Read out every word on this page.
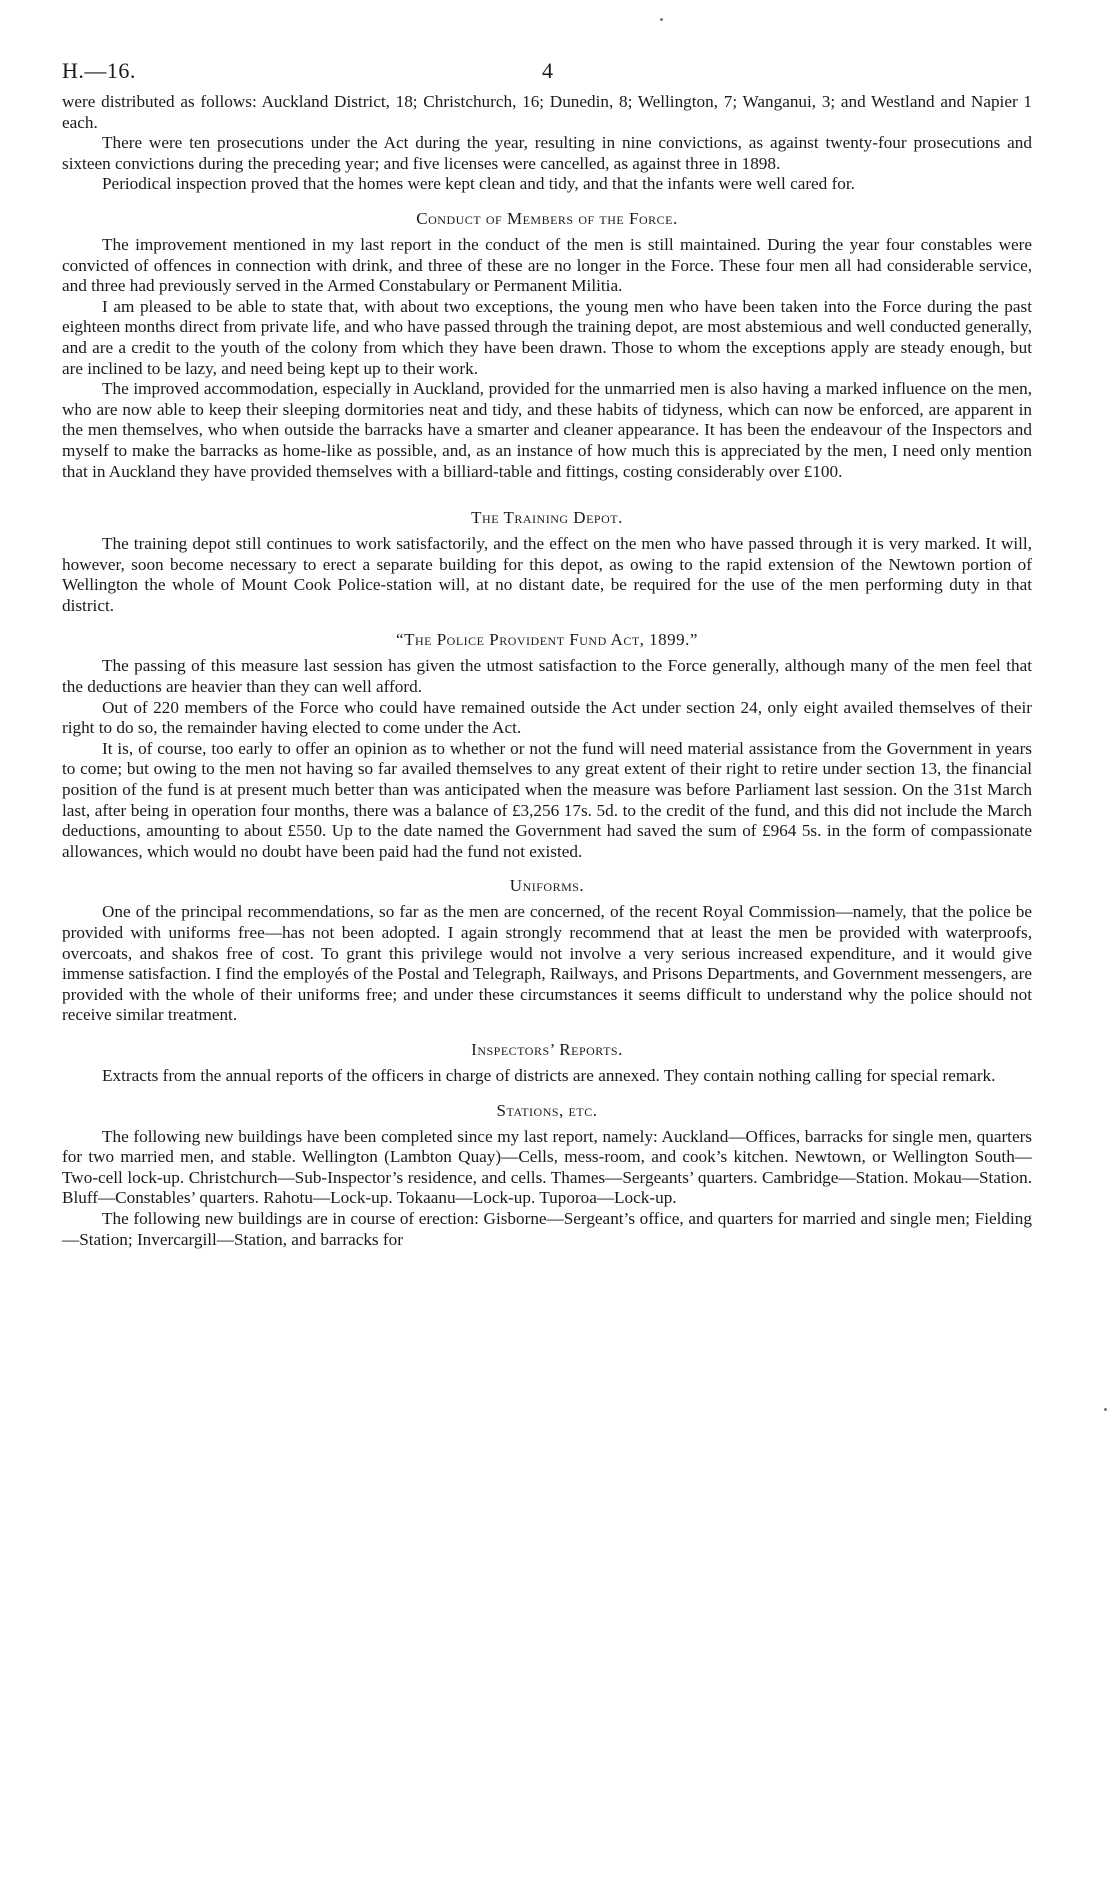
H.—16.	4

were distributed as follows: Auckland District, 18; Christchurch, 16; Dunedin, 8; Wellington, 7; Wanganui, 3; and Westland and Napier 1 each.

There were ten prosecutions under the Act during the year, resulting in nine convictions, as against twenty-four prosecutions and sixteen convictions during the preceding year; and five licenses were cancelled, as against three in 1898.

Periodical inspection proved that the homes were kept clean and tidy, and that the infants were well cared for.

Conduct of Members of the Force.

The improvement mentioned in my last report in the conduct of the men is still maintained. During the year four constables were convicted of offences in connection with drink, and three of these are no longer in the Force. These four men all had considerable service, and three had previously served in the Armed Constabulary or Permanent Militia.

I am pleased to be able to state that, with about two exceptions, the young men who have been taken into the Force during the past eighteen months direct from private life, and who have passed through the training depot, are most abstemious and well conducted generally, and are a credit to the youth of the colony from which they have been drawn. Those to whom the exceptions apply are steady enough, but are inclined to be lazy, and need being kept up to their work.

The improved accommodation, especially in Auckland, provided for the unmarried men is also having a marked influence on the men, who are now able to keep their sleeping dormitories neat and tidy, and these habits of tidyness, which can now be enforced, are apparent in the men themselves, who when outside the barracks have a smarter and cleaner appearance. It has been the endeavour of the Inspectors and myself to make the barracks as home-like as possible, and, as an instance of how much this is appreciated by the men, I need only mention that in Auckland they have provided themselves with a billiard-table and fittings, costing considerably over £100.

The Training Depot.

The training depot still continues to work satisfactorily, and the effect on the men who have passed through it is very marked. It will, however, soon become necessary to erect a separate building for this depot, as owing to the rapid extension of the Newtown portion of Wellington the whole of Mount Cook Police-station will, at no distant date, be required for the use of the men performing duty in that district.

“The Police Provident Fund Act, 1899.”

The passing of this measure last session has given the utmost satisfaction to the Force generally, although many of the men feel that the deductions are heavier than they can well afford.

Out of 220 members of the Force who could have remained outside the Act under section 24, only eight availed themselves of their right to do so, the remainder having elected to come under the Act.

It is, of course, too early to offer an opinion as to whether or not the fund will need material assistance from the Government in years to come; but owing to the men not having so far availed themselves to any great extent of their right to retire under section 13, the financial position of the fund is at present much better than was anticipated when the measure was before Parliament last session. On the 31st March last, after being in operation four months, there was a balance of £3,256 17s. 5d. to the credit of the fund, and this did not include the March deductions, amounting to about £550. Up to the date named the Government had saved the sum of £964 5s. in the form of compassionate allowances, which would no doubt have been paid had the fund not existed.

Uniforms.

One of the principal recommendations, so far as the men are concerned, of the recent Royal Commission—namely, that the police be provided with uniforms free—has not been adopted. I again strongly recommend that at least the men be provided with waterproofs, overcoats, and shakos free of cost. To grant this privilege would not involve a very serious increased expenditure, and it would give immense satisfaction. I find the employés of the Postal and Telegraph, Railways, and Prisons Departments, and Government messengers, are provided with the whole of their uniforms free; and under these circumstances it seems difficult to understand why the police should not receive similar treatment.

Inspectors’ Reports.

Extracts from the annual reports of the officers in charge of districts are annexed. They contain nothing calling for special remark.

Stations, etc.

The following new buildings have been completed since my last report, namely: Auckland—Offices, barracks for single men, quarters for two married men, and stable. Wellington (Lambton Quay)—Cells, mess-room, and cook’s kitchen. Newtown, or Wellington South—Two-cell lock-up. Christchurch—Sub-Inspector’s residence, and cells. Thames—Sergeants’ quarters. Cambridge—Station. Mokau—Station. Bluff—Constables’ quarters. Rahotu—Lock-up. Tokaanu—Lock-up. Tuporoa—Lock-up.

The following new buildings are in course of erection: Gisborne—Sergeant’s office, and quarters for married and single men; Fielding—Station; Invercargill—Station, and barracks for
